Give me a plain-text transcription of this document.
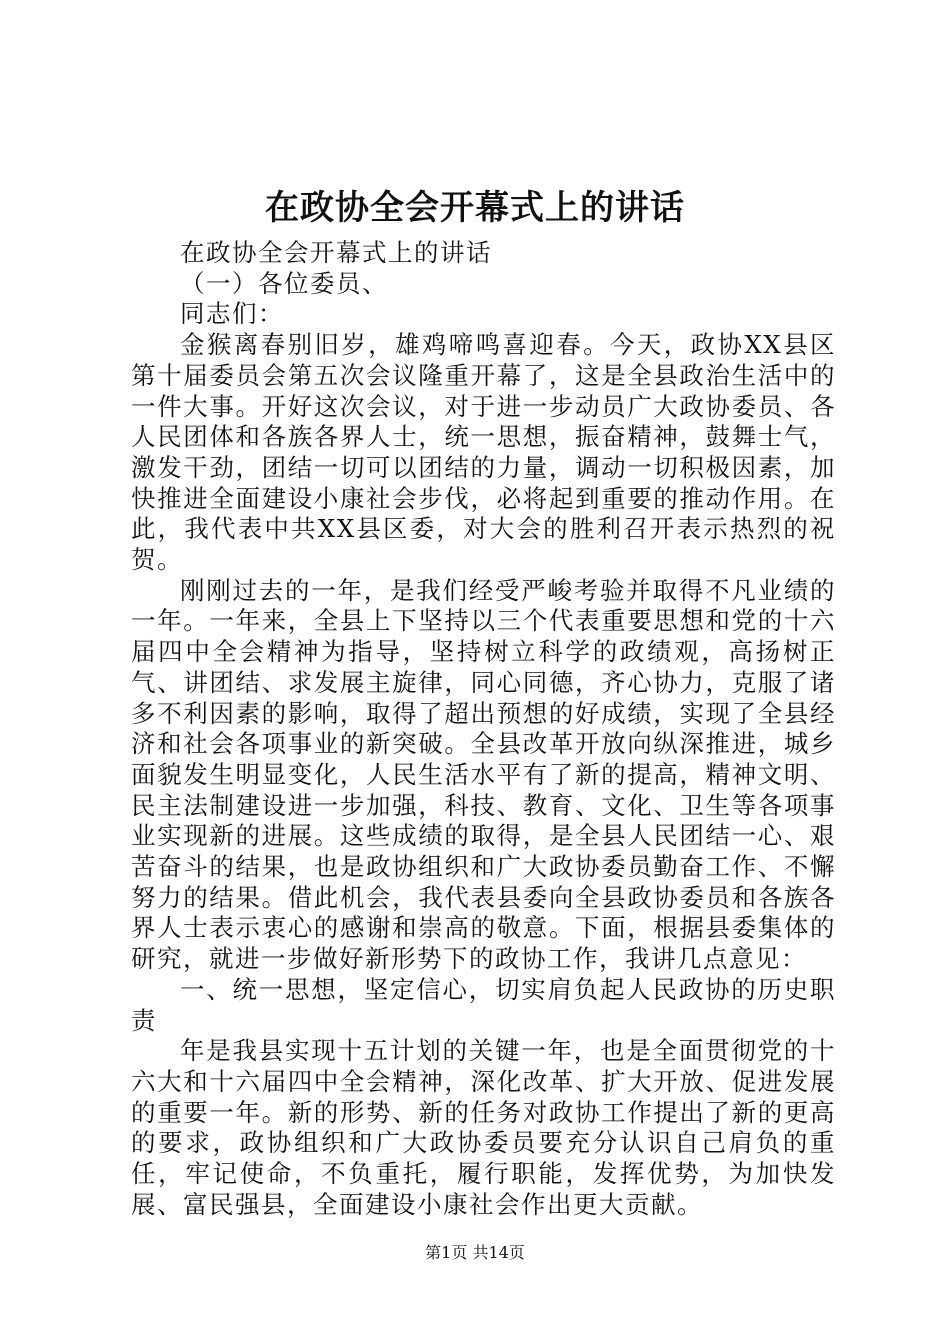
在政协全会开幕式上的讲话

在政协全会开幕式上的讲话

（一）各位委员、

同志们：

金猴离春别旧岁，雄鸡啼鸣喜迎春。今天，政协XX县区第十届委员会第五次会议隆重开幕了，这是全县政治生活中的一件大事。开好这次会议，对于进一步动员广大政协委员、各人民团体和各族各界人士，统一思想，振奋精神，鼓舞士气，激发干劲，团结一切可以团结的力量，调动一切积极因素，加快推进全面建设小康社会步伐，必将起到重要的推动作用。在此，我代表中共XX县区委，对大会的胜利召开表示热烈的祝贺。

刚刚过去的一年，是我们经受严峻考验并取得不凡业绩的一年。一年来，全县上下坚持以三个代表重要思想和党的十六届四中全会精神为指导，坚持树立科学的政绩观，高扬树正气、讲团结、求发展主旋律，同心同德，齐心协力，克服了诸多不利因素的影响，取得了超出预想的好成绩，实现了全县经济和社会各项事业的新突破。全县改革开放向纵深推进，城乡面貌发生明显变化，人民生活水平有了新的提高，精神文明、民主法制建设进一步加强，科技、教育、文化、卫生等各项事业实现新的进展。这些成绩的取得，是全县人民团结一心、艰苦奋斗的结果，也是政协组织和广大政协委员勤奋工作、不懈努力的结果。借此机会，我代表县委向全县政协委员和各族各界人士表示衷心的感谢和崇高的敬意。下面，根据县委集体的研究，就进一步做好新形势下的政协工作，我讲几点意见：

一、统一思想，坚定信心，切实肩负起人民政协的历史职责

年是我县实现十五计划的关键一年，也是全面贯彻党的十六大和十六届四中全会精神，深化改革、扩大开放、促进发展的重要一年。新的形势、新的任务对政协工作提出了新的更高的要求，政协组织和广大政协委员要充分认识自己肩负的重任，牢记使命，不负重托，履行职能，发挥优势，为加快发展、富民强县，全面建设小康社会作出更大贡献。

第1页 共14页
